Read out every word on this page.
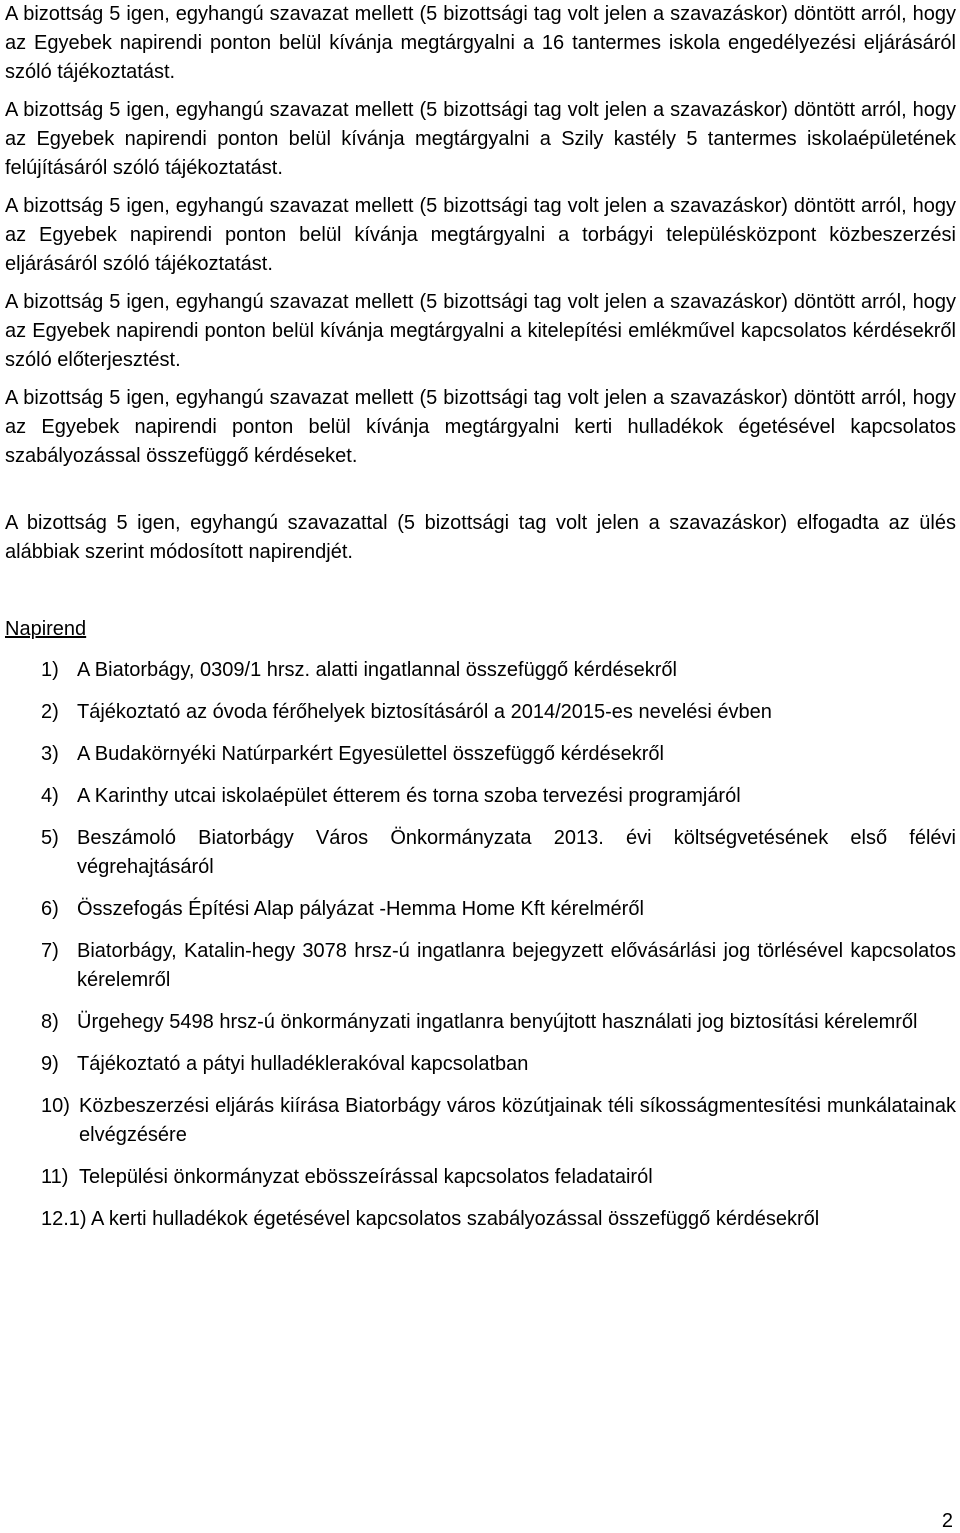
A bizottság 5 igen, egyhangú szavazat mellett (5 bizottsági tag volt jelen a szavazáskor) döntött arról, hogy az Egyebek napirendi ponton belül kívánja megtárgyalni a 16 tantermes iskola engedélyezési eljárásáról szóló tájékoztatást.

A bizottság 5 igen, egyhangú szavazat mellett (5 bizottsági tag volt jelen a szavazáskor) döntött arról, hogy az Egyebek napirendi ponton belül kívánja megtárgyalni a Szily kastély 5 tantermes iskolaépületének felújításáról szóló tájékoztatást.

A bizottság 5 igen, egyhangú szavazat mellett (5 bizottsági tag volt jelen a szavazáskor) döntött arról, hogy az Egyebek napirendi ponton belül kívánja megtárgyalni a torbágyi településközpont közbeszerzési eljárásáról szóló tájékoztatást.

A bizottság 5 igen, egyhangú szavazat mellett (5 bizottsági tag volt jelen a szavazáskor) döntött arról, hogy az Egyebek napirendi ponton belül kívánja megtárgyalni a kitelepítési emlékművel kapcsolatos kérdésekről szóló előterjesztést.

A bizottság 5 igen, egyhangú szavazat mellett (5 bizottsági tag volt jelen a szavazáskor) döntött arról, hogy az Egyebek napirendi ponton belül kívánja megtárgyalni kerti hulladékok égetésével kapcsolatos szabályozással összefüggő kérdéseket.

A bizottság 5 igen, egyhangú szavazattal (5 bizottsági tag volt jelen a szavazáskor) elfogadta az ülés alábbiak szerint módosított napirendjét.

Napirend

1) A Biatorbágy, 0309/1 hrsz. alatti ingatlannal összefüggő kérdésekről
2) Tájékoztató az óvoda férőhelyek biztosításáról a 2014/2015-es nevelési évben
3) A Budakörnyéki Natúrparkért Egyesülettel összefüggő kérdésekről
4) A Karinthy utcai iskolaépület étterem és torna szoba tervezési programjáról
5) Beszámoló Biatorbágy Város Önkormányzata 2013. évi költségvetésének első félévi végrehajtásáról
6) Összefogás Építési Alap pályázat -Hemma Home Kft kérelméről
7) Biatorbágy, Katalin-hegy 3078 hrsz-ú ingatlanra bejegyzett elővásárlási jog törlésével kapcsolatos kérelemről
8) Ürgehegy 5498 hrsz-ú önkormányzati ingatlanra benyújtott használati jog biztosítási kérelemről
9) Tájékoztató a pátyi hulladéklerakóval kapcsolatban
10) Közbeszerzési eljárás kiírása Biatorbágy város közútjainak téli síkosságmentesítési munkálatainak elvégzésére
11) Települési önkormányzat ebösszeírással kapcsolatos feladatairól

12.1) A kerti hulladékok égetésével kapcsolatos szabályozással összefüggő kérdésekről

2
